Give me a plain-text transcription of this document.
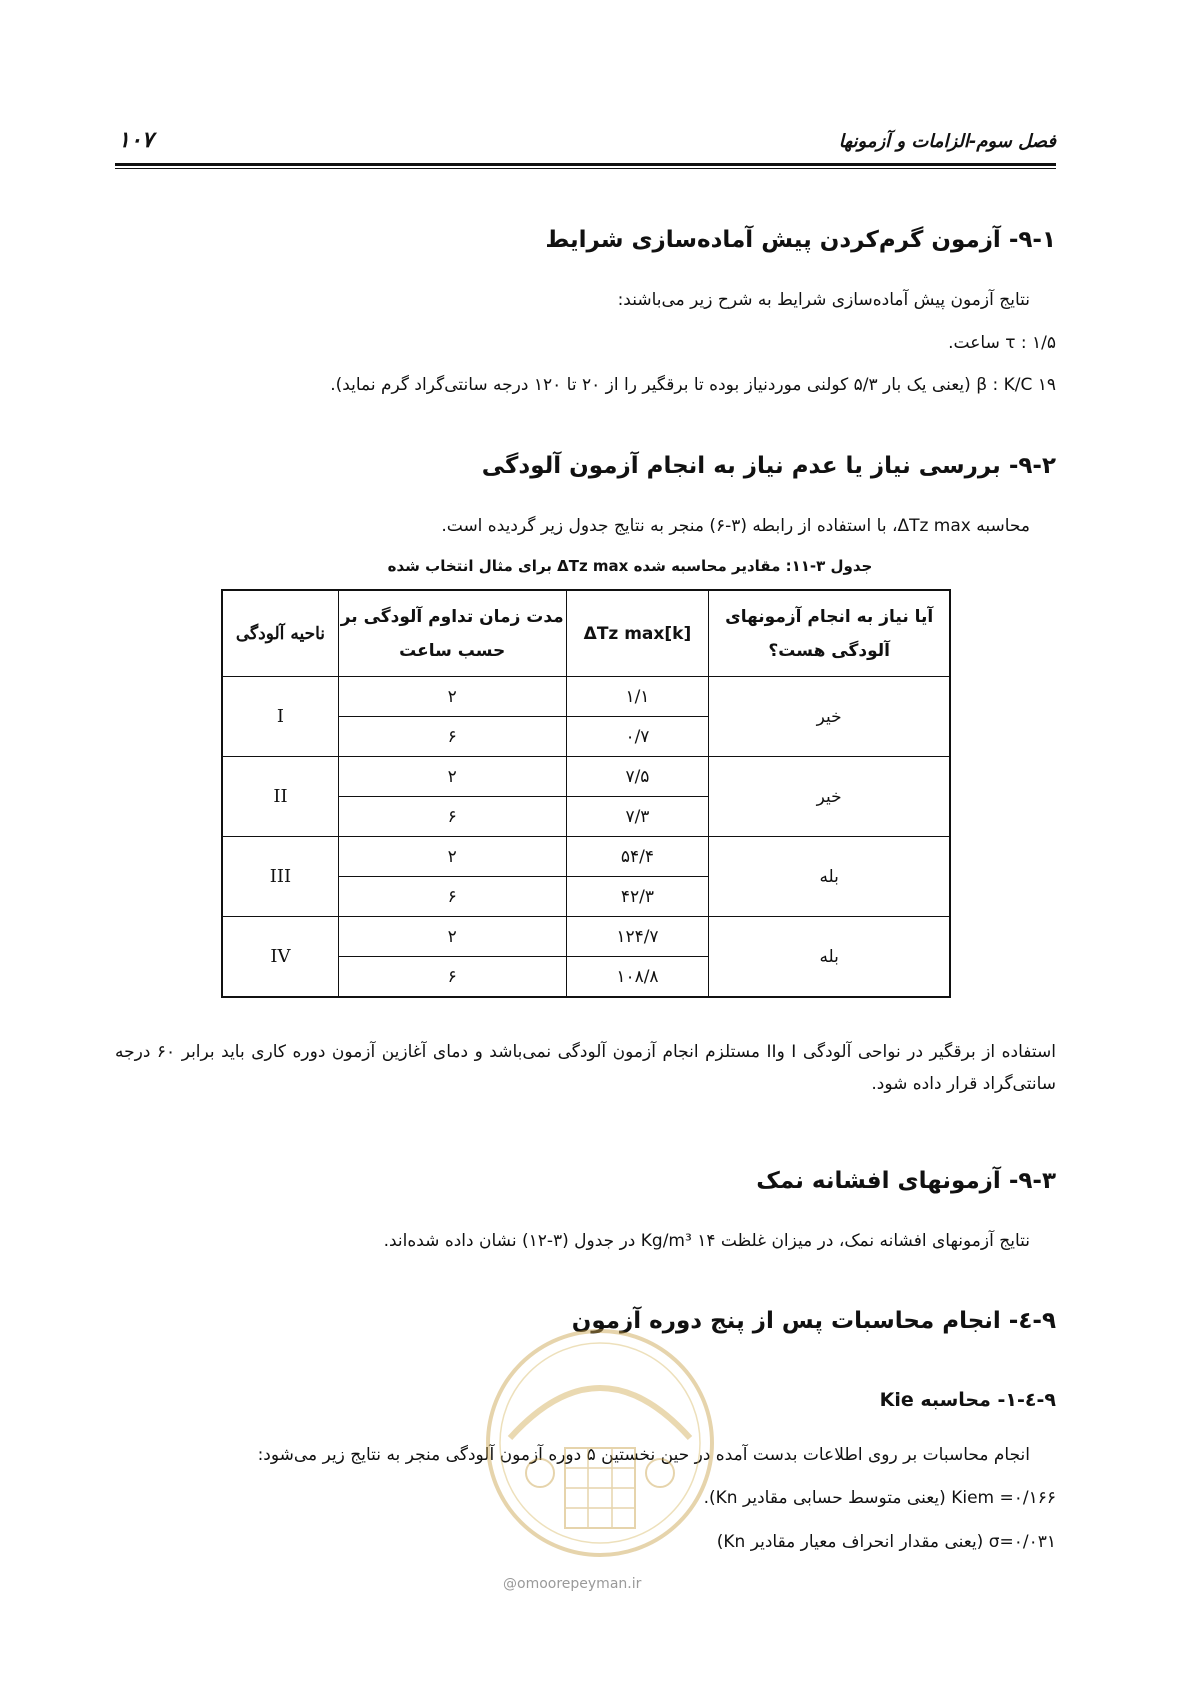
۱۰۷	فصل سوم-الزامات و آزمونها
۹-۱- آزمون گرم‌کردن پیش آماده‌سازی شرایط
نتایج آزمون پیش آماده‌سازی شرایط به شرح زیر می‌باشند:
τ : ۱/۵ ساعت.
β : K/C ۱۹ (یعنی یک بار ۵/۳ کولنی موردنیاز بوده تا برقگیر را از ۲۰ تا ۱۲۰ درجه سانتی‌گراد گرم نماید).
۹-۲- بررسی نیاز یا عدم نیاز به انجام آزمون آلودگی
محاسبه ΔTz max، با استفاده از رابطه (۳-۶) منجر به نتایج جدول زیر گردیده است.
جدول ۳-۱۱: مقادیر محاسبه شده ΔTz max برای مثال انتخاب شده
آیا نیاز به انجام آزمونهای آلودگی هست؟	ΔTz max[k]	مدت زمان تداوم آلودگی بر حسب ساعت	ناحیه آلودگی
خیر	۱/۱	۲	I
	۰/۷	۶	
خیر	۷/۵	۲	II
	۷/۳	۶	
بله	۵۴/۴	۲	III
	۴۲/۳	۶	
بله	۱۲۴/۷	۲	IV
	۱۰۸/۸	۶	
استفاده از برقگیر در نواحی آلودگی I وII مستلزم انجام آزمون آلودگی نمی‌باشد و دمای آغازین آزمون دوره کاری باید برابر ۶۰ درجه سانتی‌گراد قرار داده شود.
۹-۳- آزمونهای افشانه نمک
نتایج آزمونهای افشانه نمک، در میزان غلظت ۱۴ Kg/m³ در جدول (۳-۱۲) نشان داده شده‌اند.
۹-٤- انجام محاسبات پس از پنج دوره آزمون
۹-٤-۱- محاسبه Kie
انجام محاسبات بر روی اطلاعات بدست آمده در حین نخستین ۵ دوره آزمون آلودگی منجر به نتایج زیر می‌شود:
Kiem =۰/۱۶۶ (یعنی متوسط حسابی مقادیر Kn).
σ=۰/۰۳۱ (یعنی مقدار انحراف معیار مقادیر Kn)
@omoorepeyman.ir
